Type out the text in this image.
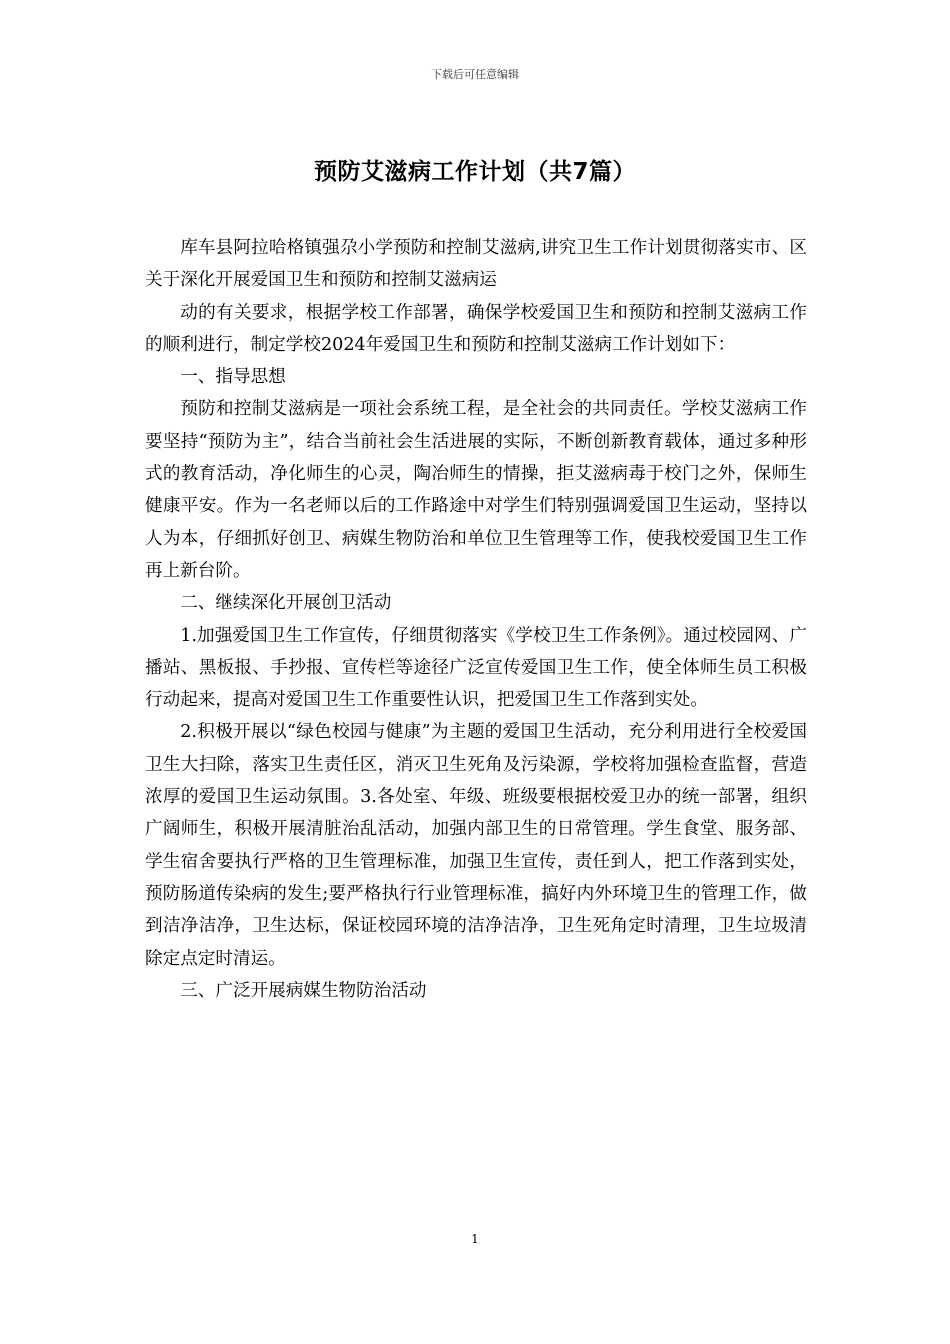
下载后可任意编辑
预防艾滋病工作计划（共7篇）

库车县阿拉哈格镇强尕小学预防和控制艾滋病,讲究卫生工作计划贯彻落实市、区关于深化开展爱国卫生和预防和控制艾滋病运

动的有关要求，根据学校工作部署，确保学校爱国卫生和预防和控制艾滋病工作的顺利进行，制定学校2024年爱国卫生和预防和控制艾滋病工作计划如下：

一、指导思想

预防和控制艾滋病是一项社会系统工程，是全社会的共同责任。学校艾滋病工作要坚持“预防为主”，结合当前社会生活进展的实际，不断创新教育载体，通过多种形式的教育活动，净化师生的心灵，陶冶师生的情操，拒艾滋病毒于校门之外，保师生健康平安。作为一名老师以后的工作路途中对学生们特别强调爱国卫生运动，坚持以人为本，仔细抓好创卫、病媒生物防治和单位卫生管理等工作，使我校爱国卫生工作再上新台阶。

二、继续深化开展创卫活动

1.加强爱国卫生工作宣传，仔细贯彻落实《学校卫生工作条例》。通过校园网、广播站、黑板报、手抄报、宣传栏等途径广泛宣传爱国卫生工作，使全体师生员工积极行动起来，提高对爱国卫生工作重要性认识，把爱国卫生工作落到实处。

2.积极开展以“绿色校园与健康”为主题的爱国卫生活动，充分利用进行全校爱国卫生大扫除，落实卫生责任区，消灭卫生死角及污染源，学校将加强检查监督，营造浓厚的爱国卫生运动氛围。3.各处室、年级、班级要根据校爱卫办的统一部署，组织广阔师生，积极开展清脏治乱活动，加强内部卫生的日常管理。学生食堂、服务部、学生宿舍要执行严格的卫生管理标准，加强卫生宣传，责任到人，把工作落到实处，预防肠道传染病的发生;要严格执行行业管理标准，搞好内外环境卫生的管理工作，做到洁净洁净，卫生达标，保证校园环境的洁净洁净，卫生死角定时清理，卫生垃圾清除定点定时清运。

三、广泛开展病媒生物防治活动

1
